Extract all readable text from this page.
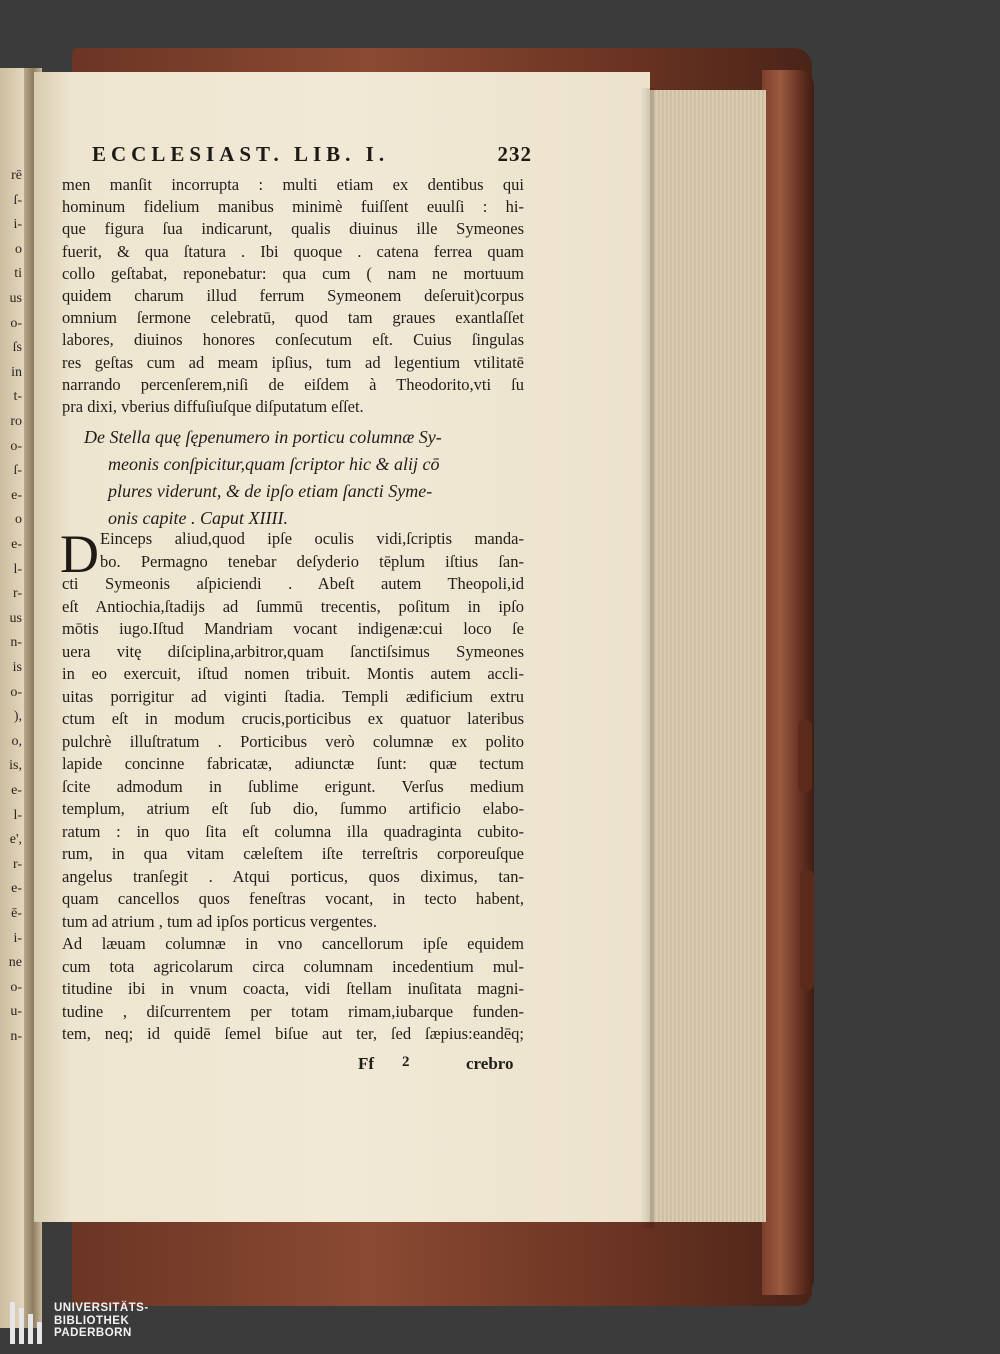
rē
ſ-
i-
o
ti
us
o-
ſs
in
t-
ro
o-
ſ-
e-
o
e-
l-
r-
us
n-
is
o-
),
o,
is,
e-
l-
e',
r-
e-
ē-
i-
ne
o-
u-
n-
ECCLESIAST. LIB. I.	232
men manſit incorrupta : multi etiam ex dentibus qui
hominum fidelium manibus minimè fuiſſent euulſi : hi-
que figura ſua indicarunt, qualis diuinus ille Symeones
fuerit, & qua ſtatura . Ibi quoque . catena ferrea quam
collo geſtabat, reponebatur: qua cum ( nam ne mortuum
quidem charum illud ferrum Symeonem deſeruit)corpus
omnium ſermone celebratū, quod tam graues exantlaſſet
labores, diuinos honores conſecutum eſt. Cuius ſingulas
res geſtas cum ad meam ipſius, tum ad legentium vtilitatē
narrando percenſerem,niſi de eiſdem à Theodorito,vti ſu
pra dixi, vberius diffuſiuſque diſputatum eſſet.
De Stella quę ſępenumero in porticu columnæ Sy-
meonis conſpicitur,quam ſcriptor hic & alij cō
plures viderunt, & de ipſo etiam ſancti Syme-
onis capite . Caput XIIII.
D Einceps aliud,quod ipſe oculis vidi,ſcriptis manda-
bo. Permagno tenebar deſyderio tēplum iſtius ſan-
cti Symeonis aſpiciendi . Abeſt autem Theopoli,id
eſt Antiochia,ſtadijs ad ſummū trecentis, poſitum in ipſo
mōtis iugo.Iſtud Mandriam vocant indigenæ:cui loco ſe
uera vitę diſciplina,arbitror,quam ſanctiſsimus Symeones
in eo exercuit, iſtud nomen tribuit. Montis autem accli-
uitas porrigitur ad viginti ſtadia. Templi ædificium extru
ctum eſt in modum crucis,porticibus ex quatuor lateribus
pulchrè illuſtratum . Porticibus verò columnæ ex polito
lapide concinne fabricatæ, adiunctæ ſunt: quæ tectum
ſcite admodum in ſublime erigunt. Verſus medium
templum, atrium eſt ſub dio, ſummo artificio elabo-
ratum : in quo ſita eſt columna illa quadraginta cubito-
rum, in qua vitam cæleſtem iſte terreſtris corporeuſque
angelus tranſegit . Atqui porticus, quos diximus, tan-
quam cancellos quos feneſtras vocant, in tecto habent,
tum ad atrium , tum ad ipſos porticus vergentes.
Ad læuam columnæ in vno cancellorum ipſe equidem
cum tota agricolarum circa columnam incedentium mul-
titudine ibi in vnum coacta, vidi ſtellam inuſitata magni-
tudine , diſcurrentem per totam rimam,iubarque funden-
tem, neq; id quidē ſemel biſue aut ter, ſed ſæpius:eandēq;
Ff 2	crebro
UNIVERSITÄTS-
BIBLIOTHEK
PADERBORN
